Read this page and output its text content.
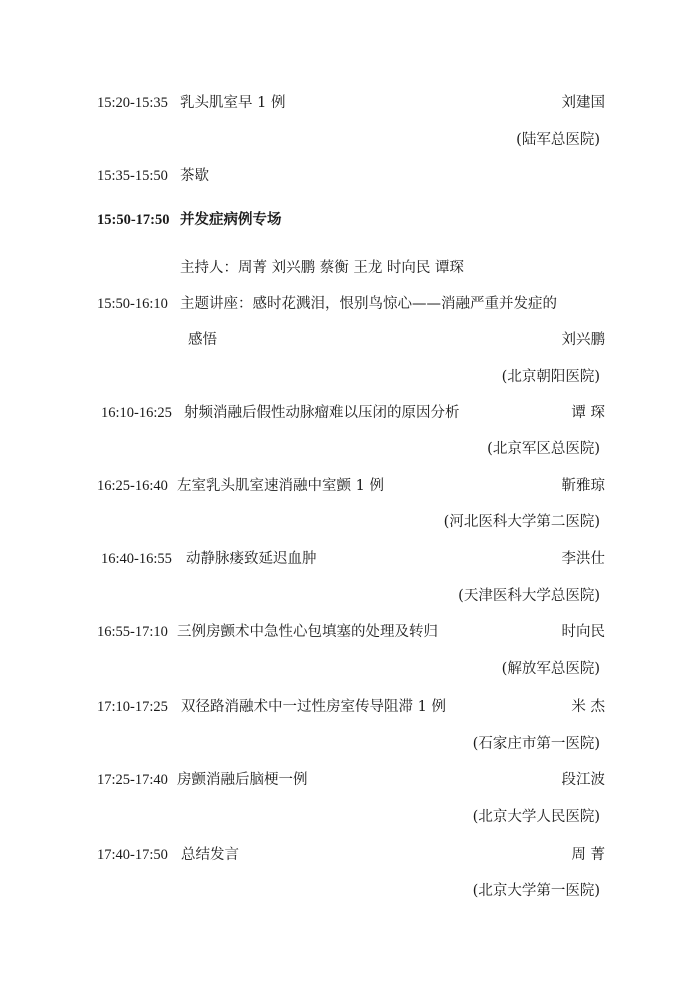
15:20-15:35 乳头肌室早 1 例	刘建国
(陆军总医院)
15:35-15:50 茶歇
15:50-17:50 并发症病例专场
主持人：周菁 刘兴鹏 蔡衡 王龙 时向民 谭琛
15:50-16:10 主题讲座：感时花溅泪，恨别鸟惊心——消融严重并发症的
感悟	刘兴鹏
(北京朝阳医院)
16:10-16:25 射频消融后假性动脉瘤难以压闭的原因分析	谭 琛
(北京军区总医院)
16:25-16:40 左室乳头肌室速消融中室颤 1 例	靳雅琼
(河北医科大学第二医院)
16:40-16:55 动静脉瘘致延迟血肿	李洪仕
(天津医科大学总医院)
16:55-17:10 三例房颤术中急性心包填塞的处理及转归	时向民
(解放军总医院)
17:10-17:25 双径路消融术中一过性房室传导阻滞 1 例	米 杰
(石家庄市第一医院)
17:25-17:40 房颤消融后脑梗一例	段江波
(北京大学人民医院)
17:40-17:50 总结发言	周 菁
(北京大学第一医院)
